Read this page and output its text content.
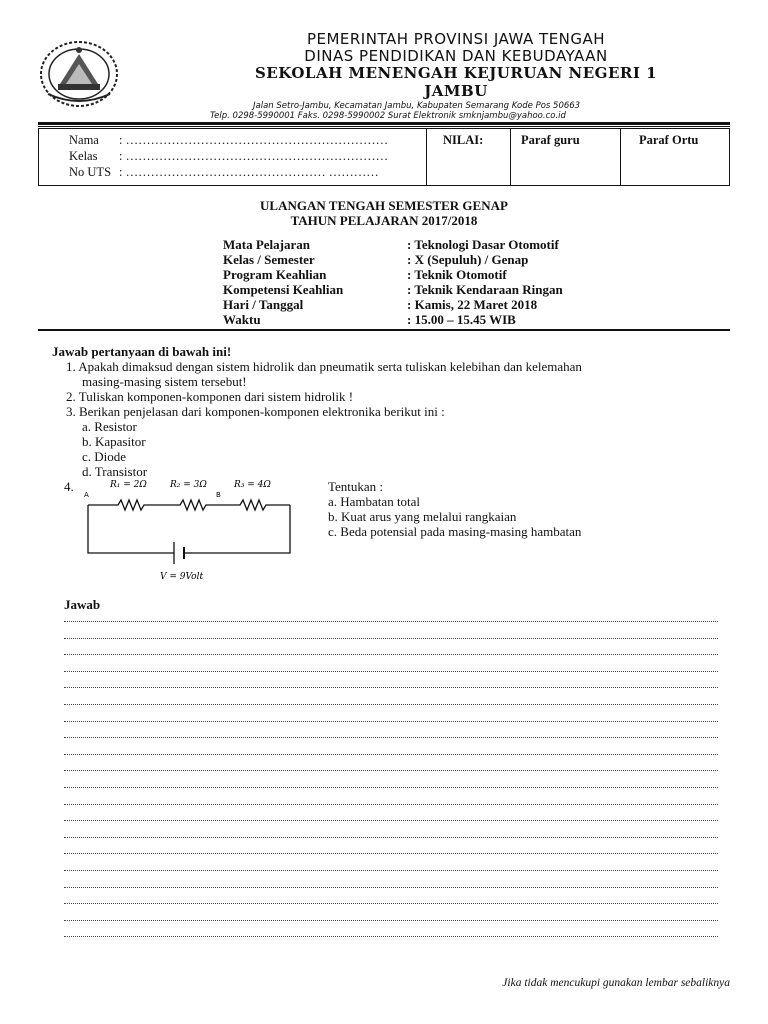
PEMERINTAH PROVINSI JAWA TENGAH
DINAS PENDIDIKAN DAN KEBUDAYAAN
SEKOLAH MENENGAH KEJURUAN NEGERI 1
JAMBU
Jalan Setro-Jambu, Kecamatan Jambu, Kabupaten Semarang Kode Pos 50663
Telp. 0298-5990001 Faks. 0298-5990002 Surat Elektronik smknjambu@yahoo.co.id
Nama : ………………………………………………………
Kelas : ………………………………………………………
No UTS : ………………………………………… …………
NILAI:	Paraf guru	Paraf Ortu
ULANGAN TENGAH SEMESTER GENAP
TAHUN PELAJARAN 2017/2018
Mata Pelajaran	: Teknologi Dasar Otomotif
Kelas / Semester	: X (Sepuluh) / Genap
Program Keahlian	: Teknik Otomotif
Kompetensi Keahlian	: Teknik Kendaraan Ringan
Hari / Tanggal	: Kamis, 22 Maret 2018
Waktu	: 15.00 – 15.45 WIB
Jawab pertanyaan di bawah ini!
1. Apakah dimaksud dengan sistem hidrolik dan pneumatik serta tuliskan kelebihan dan kelemahan
masing-masing sistem tersebut!
2. Tuliskan komponen-komponen dari sistem hidrolik !
3. Berikan penjelasan dari komponen-komponen elektronika berikut ini :
a. Resistor
b. Kapasitor
c. Diode
d. Transistor
4.	Tentukan :
a. Hambatan total
b. Kuat arus yang melalui rangkaian
c. Beda potensial pada masing-masing hambatan
R₁ = 2Ω	R₂ = 3Ω	R₃ = 4Ω
A	B
V = 9Volt
Jawab
Jika tidak mencukupi gunakan lembar sebaliknya
